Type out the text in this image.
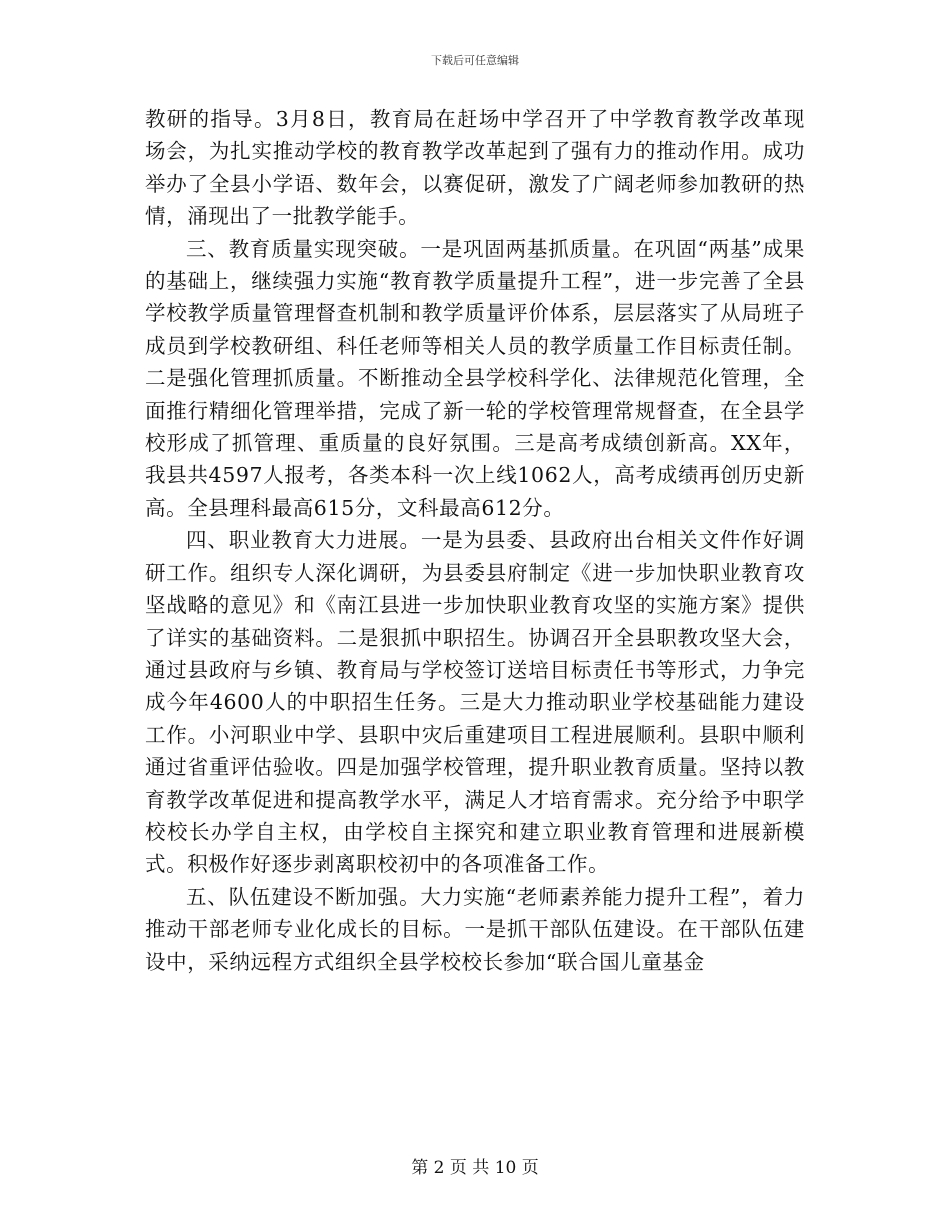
下载后可任意编辑

教研的指导。3月8日，教育局在赶场中学召开了中学教育教学改革现场会，为扎实推动学校的教育教学改革起到了强有力的推动作用。成功举办了全县小学语、数年会，以赛促研，激发了广阔老师参加教研的热情，涌现出了一批教学能手。

三、教育质量实现突破。一是巩固两基抓质量。在巩固“两基”成果的基础上，继续强力实施“教育教学质量提升工程”，进一步完善了全县学校教学质量管理督查机制和教学质量评价体系，层层落实了从局班子成员到学校教研组、科任老师等相关人员的教学质量工作目标责任制。二是强化管理抓质量。不断推动全县学校科学化、法律规范化管理，全面推行精细化管理举措，完成了新一轮的学校管理常规督查，在全县学校形成了抓管理、重质量的良好氛围。三是高考成绩创新高。XX年，我县共4597人报考，各类本科一次上线1062人，高考成绩再创历史新高。全县理科最高615分，文科最高612分。

四、职业教育大力进展。一是为县委、县政府出台相关文件作好调研工作。组织专人深化调研，为县委县府制定《进一步加快职业教育攻坚战略的意见》和《南江县进一步加快职业教育攻坚的实施方案》提供了详实的基础资料。二是狠抓中职招生。协调召开全县职教攻坚大会，通过县政府与乡镇、教育局与学校签订送培目标责任书等形式，力争完成今年4600人的中职招生任务。三是大力推动职业学校基础能力建设工作。小河职业中学、县职中灾后重建项目工程进展顺利。县职中顺利通过省重评估验收。四是加强学校管理，提升职业教育质量。坚持以教育教学改革促进和提高教学水平，满足人才培育需求。充分给予中职学校校长办学自主权，由学校自主探究和建立职业教育管理和进展新模式。积极作好逐步剥离职校初中的各项准备工作。

五、队伍建设不断加强。大力实施“老师素养能力提升工程”，着力推动干部老师专业化成长的目标。一是抓干部队伍建设。在干部队伍建设中，采纳远程方式组织全县学校校长参加“联合国儿童基金

第 2 页 共 10 页
